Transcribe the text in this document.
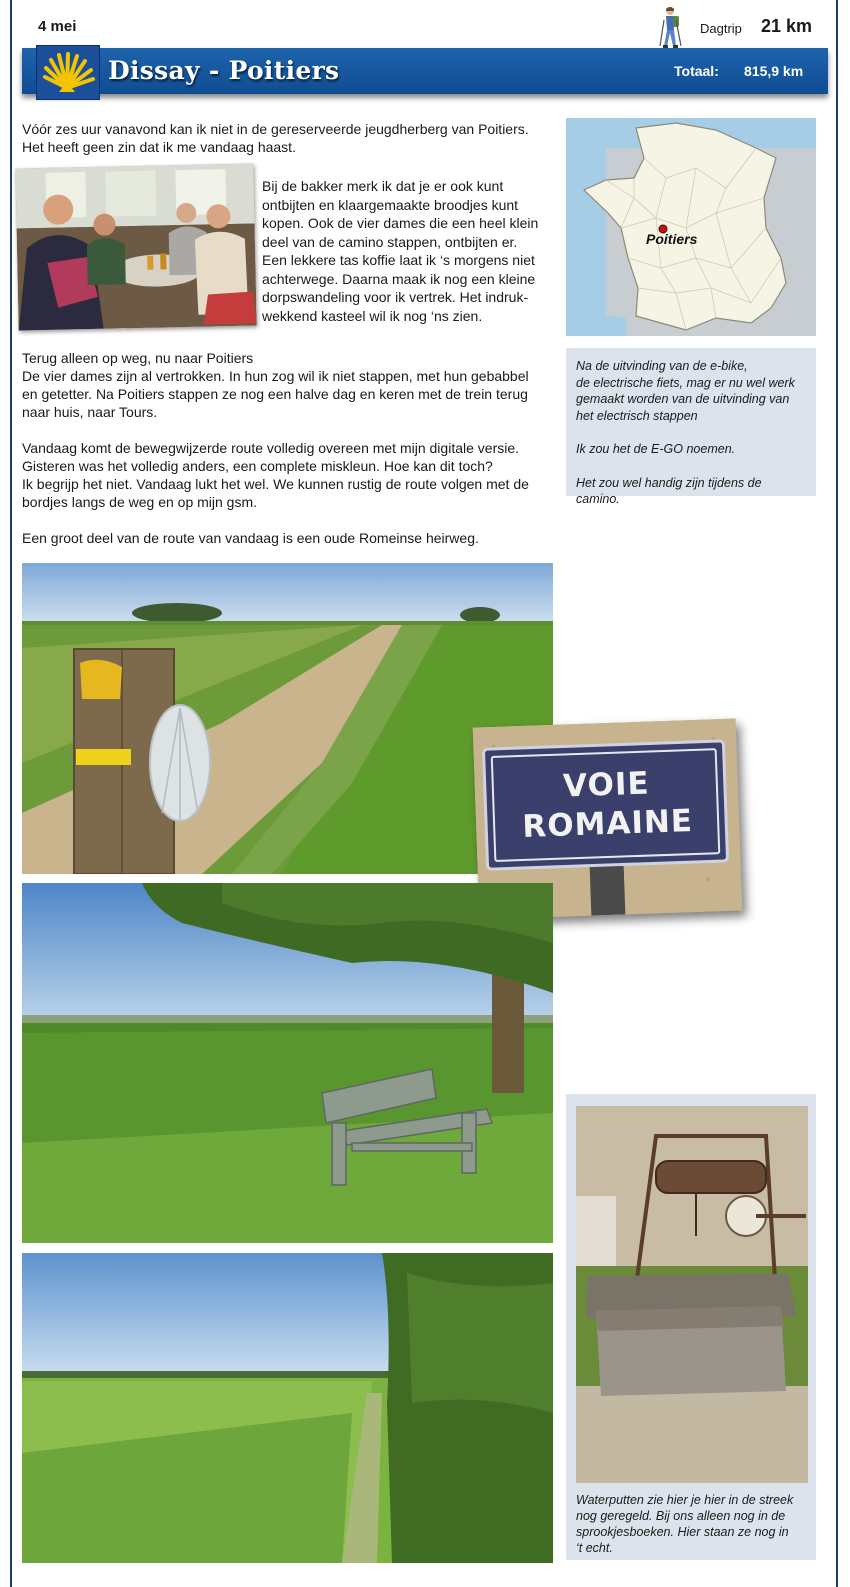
4 mei	Dagtrip 21 km
Dissay - Poitiers	Totaal: 815,9 km
Vóór zes uur vanavond kan ik niet in de gereserveerde jeugdherberg van Poitiers.
Het heeft geen zin dat ik me vandaag haast.
Bij de bakker merk ik dat je er ook kunt
ontbijten en klaargemaakte broodjes kunt
kopen. Ook de vier dames die een heel klein
deel van de camino stappen, ontbijten er.
Een lekkere tas koffie laat ik ‘s morgens niet
achterwege. Daarna maak ik nog een kleine
dorpswandeling voor ik vertrek. Het indruk-
wekkend kasteel wil ik nog ‘ns zien.
Terug alleen op weg, nu naar Poitiers
De vier dames zijn al vertrokken. In hun zog wil ik niet stappen, met hun gebabbel
en getetter. Na Poitiers stappen ze nog een halve dag en keren met de trein terug
naar huis, naar Tours.
Vandaag komt de bewegwijzerde route volledig overeen met mijn digitale versie.
Gisteren was het volledig anders, een complete miskleun. Hoe kan dit toch?
Ik begrijp het niet. Vandaag lukt het wel. We kunnen rustig de route volgen met de
bordjes langs de weg en op mijn gsm.
Een groot deel van de route van vandaag is een oude Romeinse heirweg.
Poitiers

Na de uitvinding van de e-bike,

de electrische fiets, mag er nu wel werk

gemaakt worden van de uitvinding van

het electrisch stappen

Ik zou het de E-GO noemen.

Het zou wel handig zijn tijdens de camino.

VOIE
ROMAINE
Waterputten zie hier je hier in de streek
nog geregeld. Bij ons alleen nog in de
sprookjesboeken. Hier staan ze nog in
‘t echt.
